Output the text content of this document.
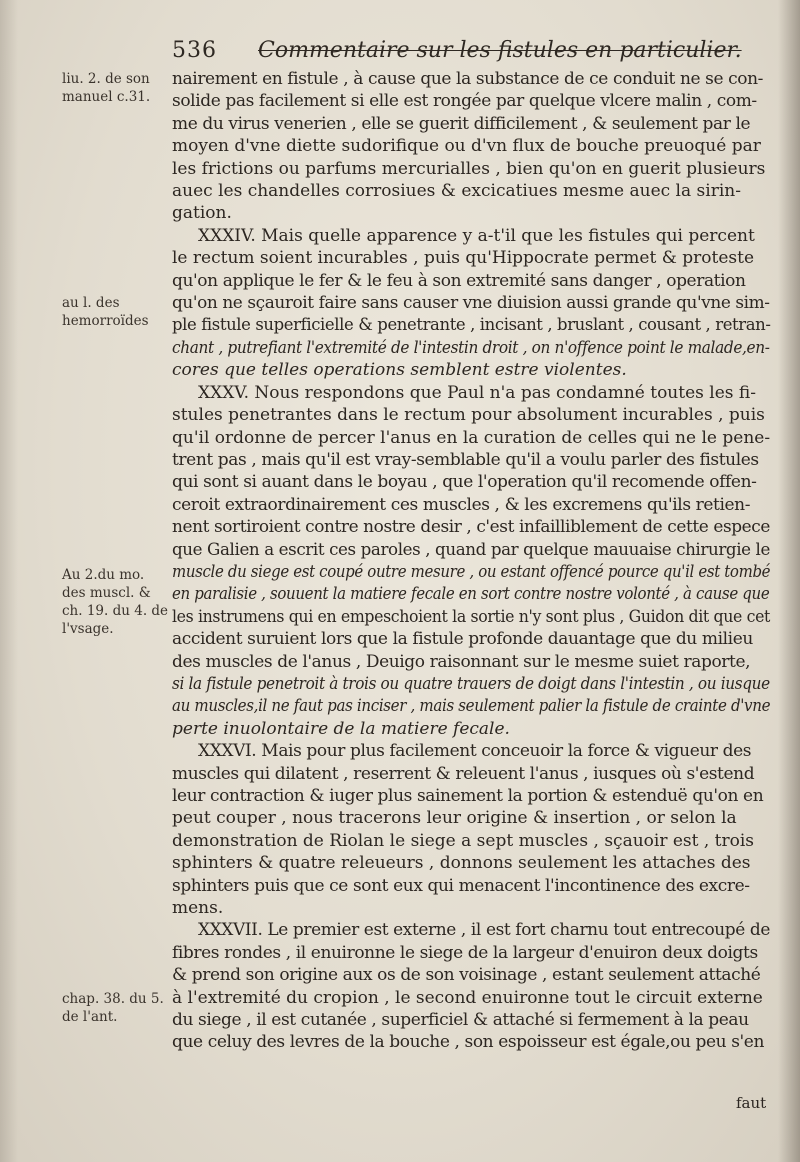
536 Commentaire sur les fistules en particulier.
liu. 2. de son manuel c.31.
au l. des hemorroïdes
Au 2.du mo. des muscl. & ch. 19. du 4. de l'vsage.
chap. 38. du 5. de l'ant.

nairement en fistule , à cause que la substance de ce conduit ne se con-
solide pas facilement si elle est rongée par quelque vlcere malin , com-
me du virus venerien , elle se guerit difficilement , & seulement par le
moyen d'vne diette sudorifique ou d'vn flux de bouche preuoqué par
les frictions ou parfums mercurialles , bien qu'on en guerit plusieurs
auec les chandelles corrosiues & excicatiues mesme auec la sirin-
gation.

XXXIV. Mais quelle apparence y a-t'il que les fistules qui percent
le rectum soient incurables , puis qu'Hippocrate permet & proteste
qu'on applique le fer & le feu à son extremité sans danger , operation
qu'on ne sçauroit faire sans causer vne diuision aussi grande qu'vne sim-
ple fistule superficielle & penetrante , incisant , bruslant , cousant , retran-
chant , putrefiant l'extremité de l'intestin droit , on n'offence point le malade,en-
cores que telles operations semblent estre violentes.

XXXV. Nous respondons que Paul n'a pas condamné toutes les fi-
stules penetrantes dans le rectum pour absolument incurables , puis
qu'il ordonne de percer l'anus en la curation de celles qui ne le pene-
trent pas , mais qu'il est vray-semblable qu'il a voulu parler des fistules
qui sont si auant dans le boyau , que l'operation qu'il recomende offen-
ceroit extraordinairement ces muscles , & les excremens qu'ils retien-
nent sortiroient contre nostre desir , c'est infailliblement de cette espece
que Galien a escrit ces paroles , quand par quelque mauuaise chirurgie le
muscle du siege est coupé outre mesure , ou estant offencé pource qu'il est tombé
en paralisie , souuent la matiere fecale en sort contre nostre volonté , à cause que
les instrumens qui en empeschoient la sortie n'y sont plus , Guidon dit que cet
accident suruient lors que la fistule profonde dauantage que du milieu
des muscles de l'anus , Deuigo raisonnant sur le mesme suiet raporte,
si la fistule penetroit à trois ou quatre trauers de doigt dans l'intestin , ou iusque
au muscles,il ne faut pas inciser , mais seulement palier la fistule de crainte d'vne
perte inuolontaire de la matiere fecale.

XXXVI. Mais pour plus facilement conceuoir la force & vigueur des
muscles qui dilatent , reserrent & releuent l'anus , iusques où s'estend
leur contraction & iuger plus sainement la portion & estenduë qu'on en
peut couper , nous tracerons leur origine & insertion , or selon la
demonstration de Riolan le siege a sept muscles , sçauoir est , trois
sphinters & quatre releueurs , donnons seulement les attaches des
sphinters puis que ce sont eux qui menacent l'incontinence des excre-
mens.

XXXVII. Le premier est externe , il est fort charnu tout entrecoupé de
fibres rondes , il enuironne le siege de la largeur d'enuiron deux doigts
& prend son origine aux os de son voisinage , estant seulement attaché
à l'extremité du cropion , le second enuironne tout le circuit externe
du siege , il est cutanée , superficiel & attaché si fermement à la peau
que celuy des levres de la bouche , son espoisseur est égale,ou peu s'en

faut
